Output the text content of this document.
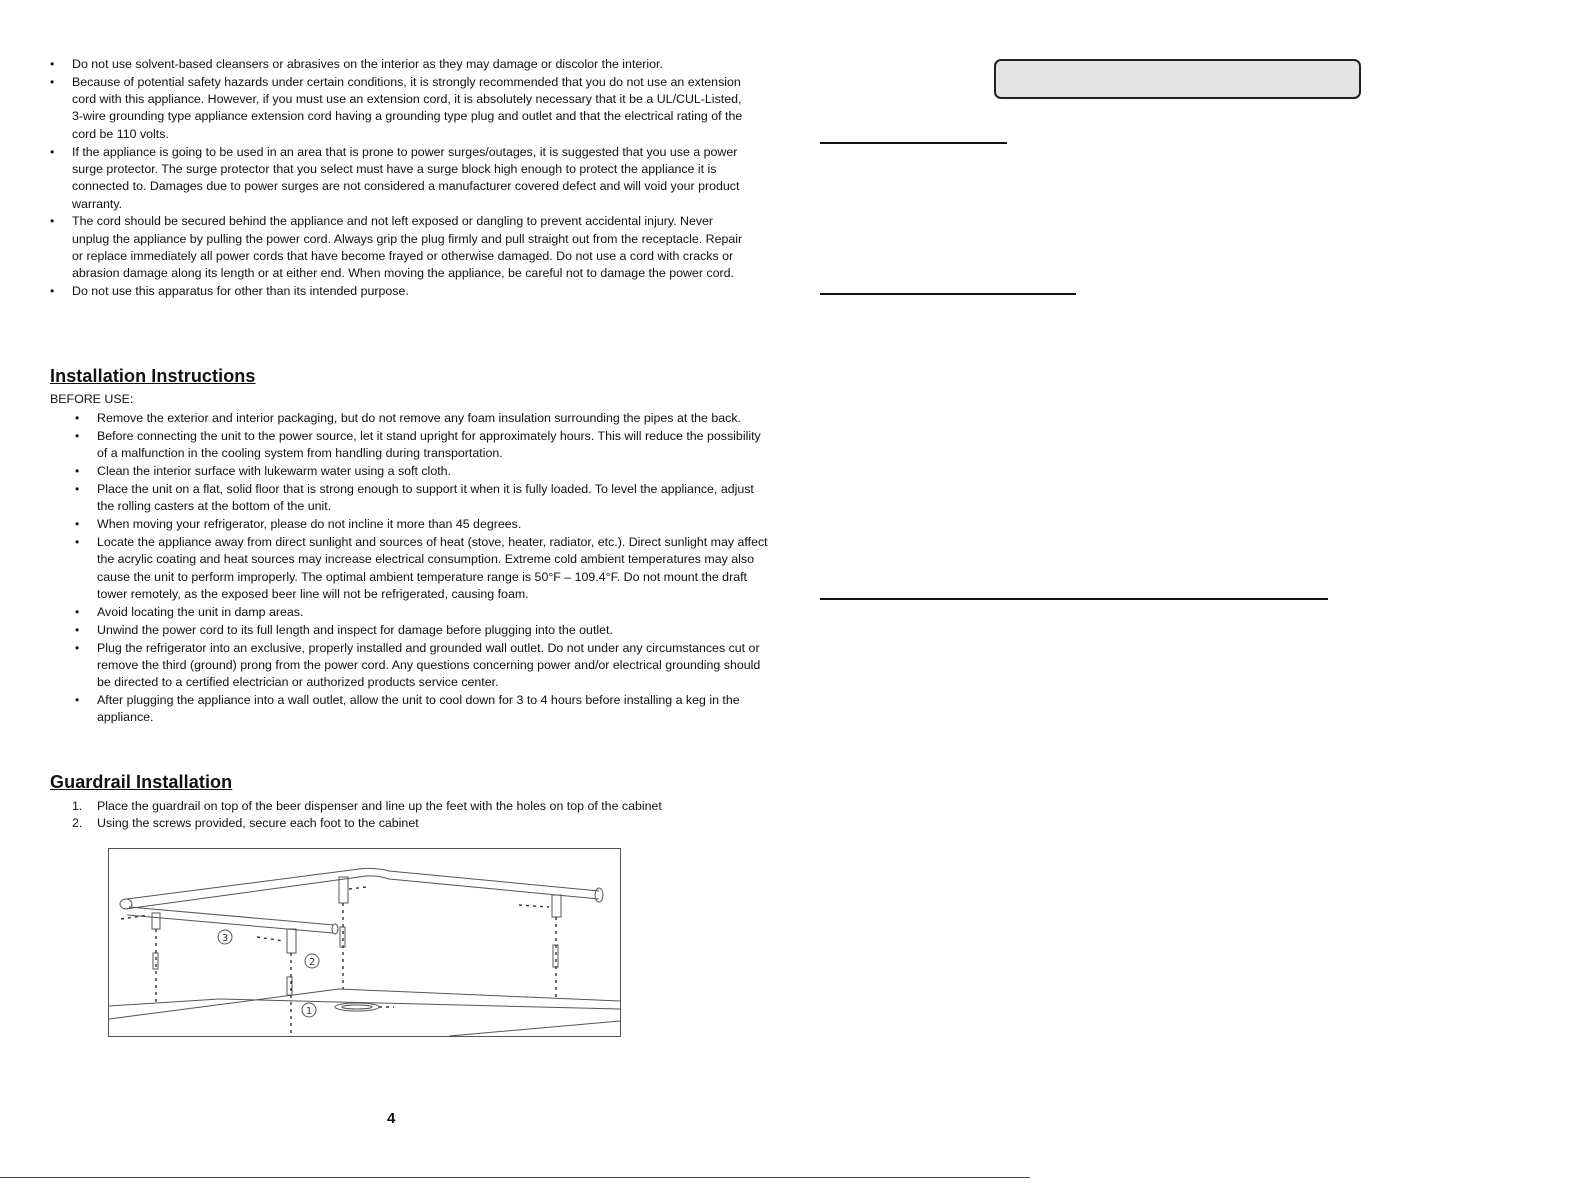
• Do not use solvent-based cleansers or abrasives on the interior as they may damage or discolor the interior.
• Because of potential safety hazards under certain conditions, it is strongly recommended that you do not use an extension cord with this appliance. However, if you must use an extension cord, it is absolutely necessary that it be a UL/CUL-Listed, 3-wire grounding type appliance extension cord having a grounding type plug and outlet and that the electrical rating of the cord be 110 volts.
• If the appliance is going to be used in an area that is prone to power surges/outages, it is suggested that you use a power surge protector. The surge protector that you select must have a surge block high enough to protect the appliance it is connected to. Damages due to power surges are not considered a manufacturer covered defect and will void your product warranty.
• The cord should be secured behind the appliance and not left exposed or dangling to prevent accidental injury. Never unplug the appliance by pulling the power cord. Always grip the plug firmly and pull straight out from the receptacle. Repair or replace immediately all power cords that have become frayed or otherwise damaged. Do not use a cord with cracks or abrasion damage along its length or at either end. When moving the appliance, be careful not to damage the power cord.
• Do not use this apparatus for other than its intended purpose.
Installation Instructions
BEFORE USE:
• Remove the exterior and interior packaging, but do not remove any foam insulation surrounding the pipes at the back.
• Before connecting the unit to the power source, let it stand upright for approximately hours. This will reduce the possibility of a malfunction in the cooling system from handling during transportation.
• Clean the interior surface with lukewarm water using a soft cloth.
• Place the unit on a flat, solid floor that is strong enough to support it when it is fully loaded. To level the appliance, adjust the rolling casters at the bottom of the unit.
• When moving your refrigerator, please do not incline it more than 45 degrees.
• Locate the appliance away from direct sunlight and sources of heat (stove, heater, radiator, etc.). Direct sunlight may affect the acrylic coating and heat sources may increase electrical consumption. Extreme cold ambient temperatures may also cause the unit to perform improperly. The optimal ambient temperature range is 50°F – 109.4°F. Do not mount the draft tower remotely, as the exposed beer line will not be refrigerated, causing foam.
• Avoid locating the unit in damp areas.
• Unwind the power cord to its full length and inspect for damage before plugging into the outlet.
• Plug the refrigerator into an exclusive, properly installed and grounded wall outlet. Do not under any circumstances cut or remove the third (ground) prong from the power cord. Any questions concerning power and/or electrical grounding should be directed to a certified electrician or authorized products service center.
• After plugging the appliance into a wall outlet, allow the unit to cool down for 3 to 4 hours before installing a keg in the appliance.
Guardrail Installation
1. Place the guardrail on top of the beer dispenser and line up the feet with the holes on top of the cabinet
2. Using the screws provided, secure each foot to the cabinet
3
2
1
4
